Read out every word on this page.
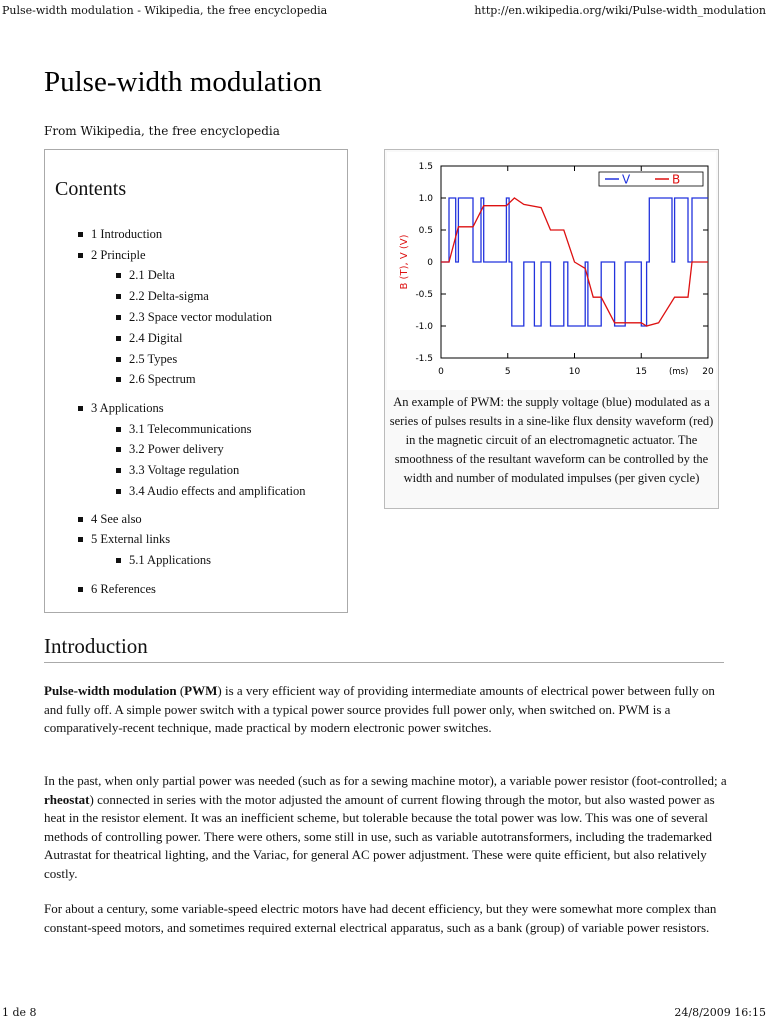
Pulse-width modulation - Wikipedia, the free encyclopedia	http://en.wikipedia.org/wiki/Pulse-width_modulation
Pulse-width modulation
From Wikipedia, the free encyclopedia
Contents
1 Introduction
2 Principle
2.1 Delta
2.2 Delta-sigma
2.3 Space vector modulation
2.4 Digital
2.5 Types
2.6 Spectrum
3 Applications
3.1 Telecommunications
3.2 Power delivery
3.3 Voltage regulation
3.4 Audio effects and amplification
4 See also
5 External links
5.1 Applications
6 References
1.5
1.0
0.5
0
-0.5
-1.0
-1.5
0	5	10	15	20
(ms)
B (T), V (V)
V	B
An example of PWM: the supply voltage (blue) modulated as a series of pulses results in a sine-like flux density waveform (red) in the magnetic circuit of an electromagnetic actuator. The smoothness of the resultant waveform can be controlled by the width and number of modulated impulses (per given cycle)
Introduction
Pulse-width modulation (PWM) is a very efficient way of providing intermediate amounts of electrical power between fully on and fully off. A simple power switch with a typical power source provides full power only, when switched on. PWM is a comparatively-recent technique, made practical by modern electronic power switches.
In the past, when only partial power was needed (such as for a sewing machine motor), a variable power resistor (foot-controlled; a rheostat) connected in series with the motor adjusted the amount of current flowing through the motor, but also wasted power as heat in the resistor element. It was an inefficient scheme, but tolerable because the total power was low. This was one of several methods of controlling power. There were others, some still in use, such as variable autotransformers, including the trademarked Autrastat for theatrical lighting, and the Variac, for general AC power adjustment. These were quite efficient, but also relatively costly.
For about a century, some variable-speed electric motors have had decent efficiency, but they were somewhat more complex than constant-speed motors, and sometimes required external electrical apparatus, such as a bank (group) of variable power resistors.
1 de 8	24/8/2009 16:15
